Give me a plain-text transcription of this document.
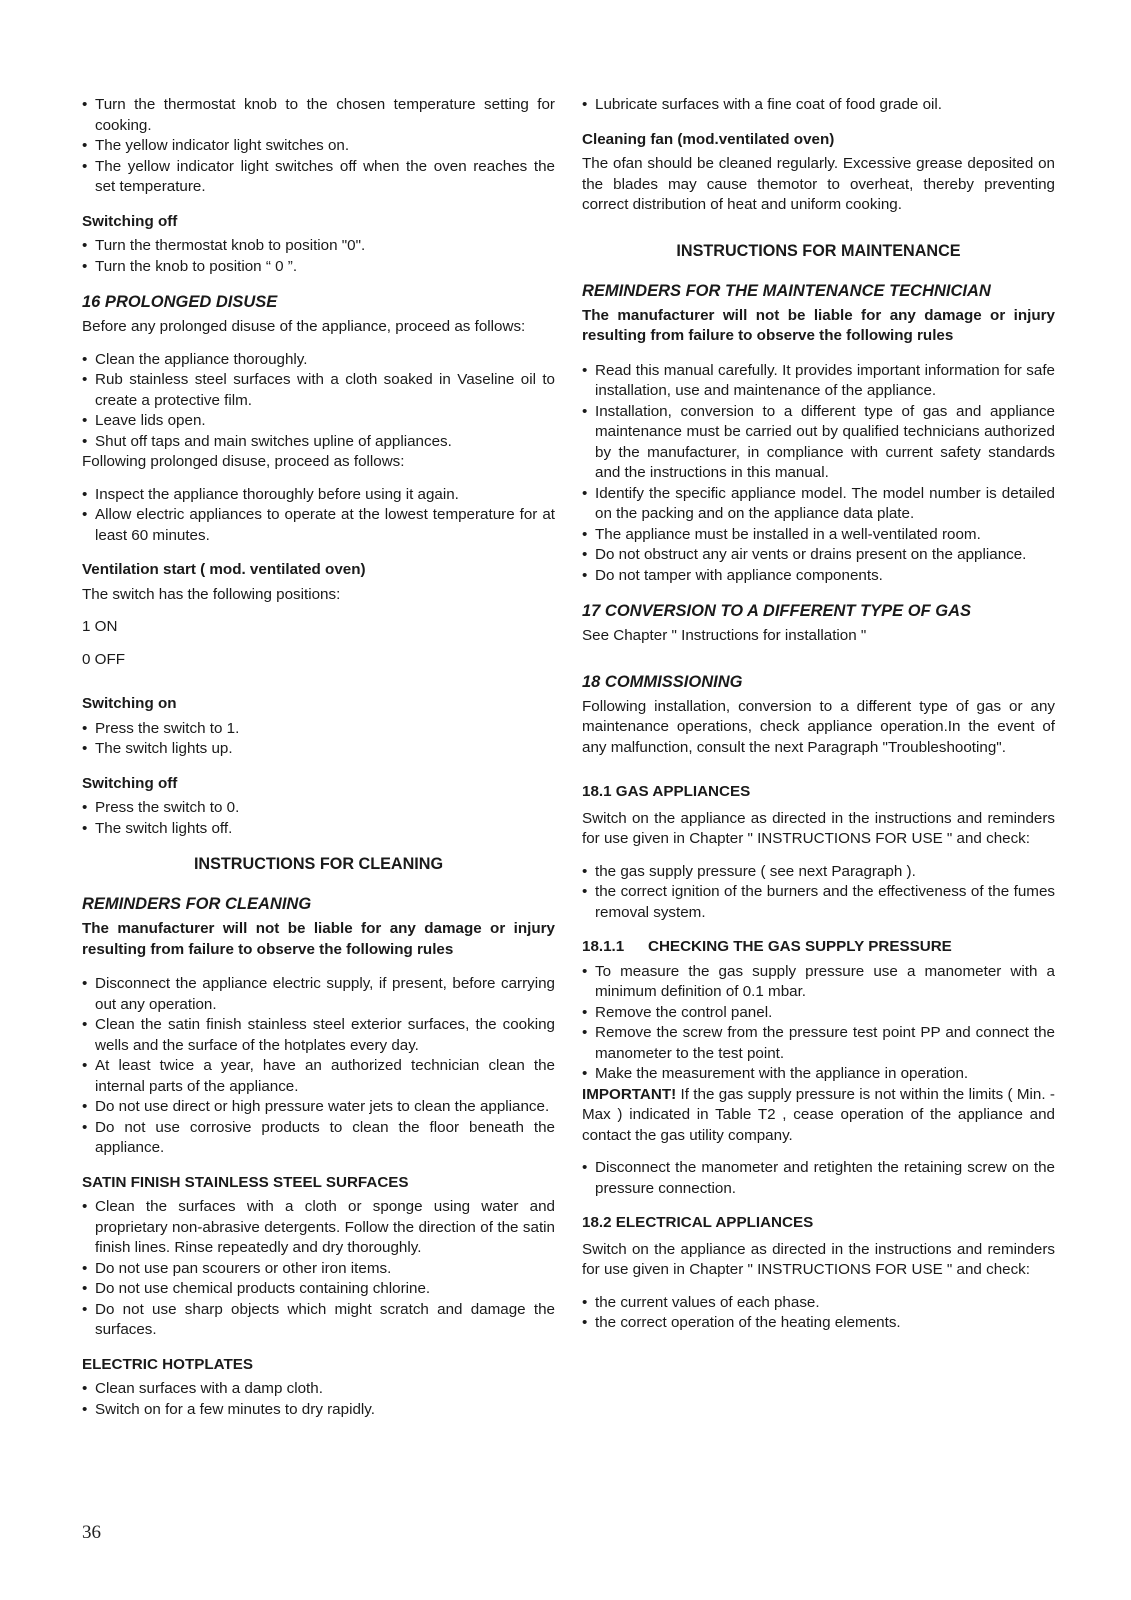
• Turn the thermostat knob to the chosen temperature setting for cooking.
• The yellow indicator light switches on.
• The yellow indicator light switches off when the oven reaches the set temperature.
Switching off
• Turn the thermostat knob to position "0".
• Turn the knob to position “ 0 ”.
16 PROLONGED DISUSE

Before any prolonged disuse of the appliance, proceed as follows:

• Clean the appliance thoroughly.
• Rub stainless steel surfaces with a cloth soaked in Vaseline oil to create a protective film.
• Leave lids open.
• Shut off taps and main switches upline of appliances.

Following prolonged disuse, proceed as follows:

• Inspect the appliance thoroughly before using it again.
• Allow electric appliances to operate at the lowest temperature for at least 60 minutes.
Ventilation start ( mod. ventilated oven)

The switch has the following positions:

1 ON

0 OFF

Switching on
• Press the switch to 1.
• The switch lights up.
Switching off
• Press the switch to 0.
• The switch lights off.
INSTRUCTIONS FOR CLEANING
REMINDERS FOR CLEANING

The manufacturer will not be liable for any damage or injury resulting from failure to observe the following rules

• Disconnect the appliance electric supply, if present, before carrying out any operation.
• Clean the satin finish stainless steel exterior surfaces, the cooking wells and the surface of the hotplates every day.
• At least twice a year, have an authorized technician clean the internal parts of the appliance.
• Do not use direct or high pressure water jets to clean the appliance.
• Do not use corrosive products to clean the floor beneath the appliance.
SATIN FINISH STAINLESS STEEL SURFACES
• Clean the surfaces with a cloth or sponge using water and proprietary non-abrasive detergents. Follow the direction of the satin finish lines. Rinse repeatedly and dry thoroughly.
• Do not use pan scourers or other iron items.
• Do not use chemical products containing chlorine.
• Do not use sharp objects which might scratch and damage the surfaces.
ELECTRIC HOTPLATES
• Clean surfaces with a damp cloth.
• Switch on for a few minutes to dry rapidly.
• Lubricate surfaces with a fine coat of food grade oil.
Cleaning fan (mod.ventilated oven)

The ofan should be cleaned regularly. Excessive grease deposited on the blades may cause themotor to overheat, thereby preventing correct distribution of heat and uniform cooking.

INSTRUCTIONS FOR MAINTENANCE
REMINDERS FOR THE MAINTENANCE TECHNICIAN

The manufacturer will not be liable for any damage or injury resulting from failure to observe the following rules

• Read this manual carefully. It provides important information for safe installation, use and maintenance of the appliance.
• Installation, conversion to a different type of gas and appliance maintenance must be carried out by qualified technicians authorized by the manufacturer, in compliance with current safety standards and the instructions in this manual.
• Identify the specific appliance model. The model number is detailed on the packing and on the appliance data plate.
• The appliance must be installed in a well-ventilated room.
• Do not obstruct any air vents or drains present on the appliance.
• Do not tamper with appliance components.
17 CONVERSION TO A DIFFERENT TYPE OF GAS

See Chapter " Instructions for installation "

18 COMMISSIONING

Following installation, conversion to a different type of gas or any maintenance operations, check appliance operation.In the event of any malfunction, consult the next Paragraph "Troubleshooting".

18.1 GAS APPLIANCES

Switch on the appliance as directed in the instructions and reminders for use given in Chapter " INSTRUCTIONS FOR USE " and check:

• the gas supply pressure ( see next Paragraph ).
• the correct ignition of the burners and the effectiveness of the fumes removal system.
18.1.1 CHECKING THE GAS SUPPLY PRESSURE
• To measure the gas supply pressure use a manometer with a minimum definition of 0.1 mbar.
• Remove the control panel.
• Remove the screw from the pressure test point PP and connect the manometer to the test point.
• Make the measurement with the appliance in operation.

IMPORTANT! If the gas supply pressure is not within the limits ( Min. - Max ) indicated in Table T2 , cease operation of the appliance and contact the gas utility company.

• Disconnect the manometer and retighten the retaining screw on the pressure connection.
18.2 ELECTRICAL APPLIANCES

Switch on the appliance as directed in the instructions and reminders for use given in Chapter " INSTRUCTIONS FOR USE " and check:

• the current values of each phase.
• the correct operation of the heating elements.
36
